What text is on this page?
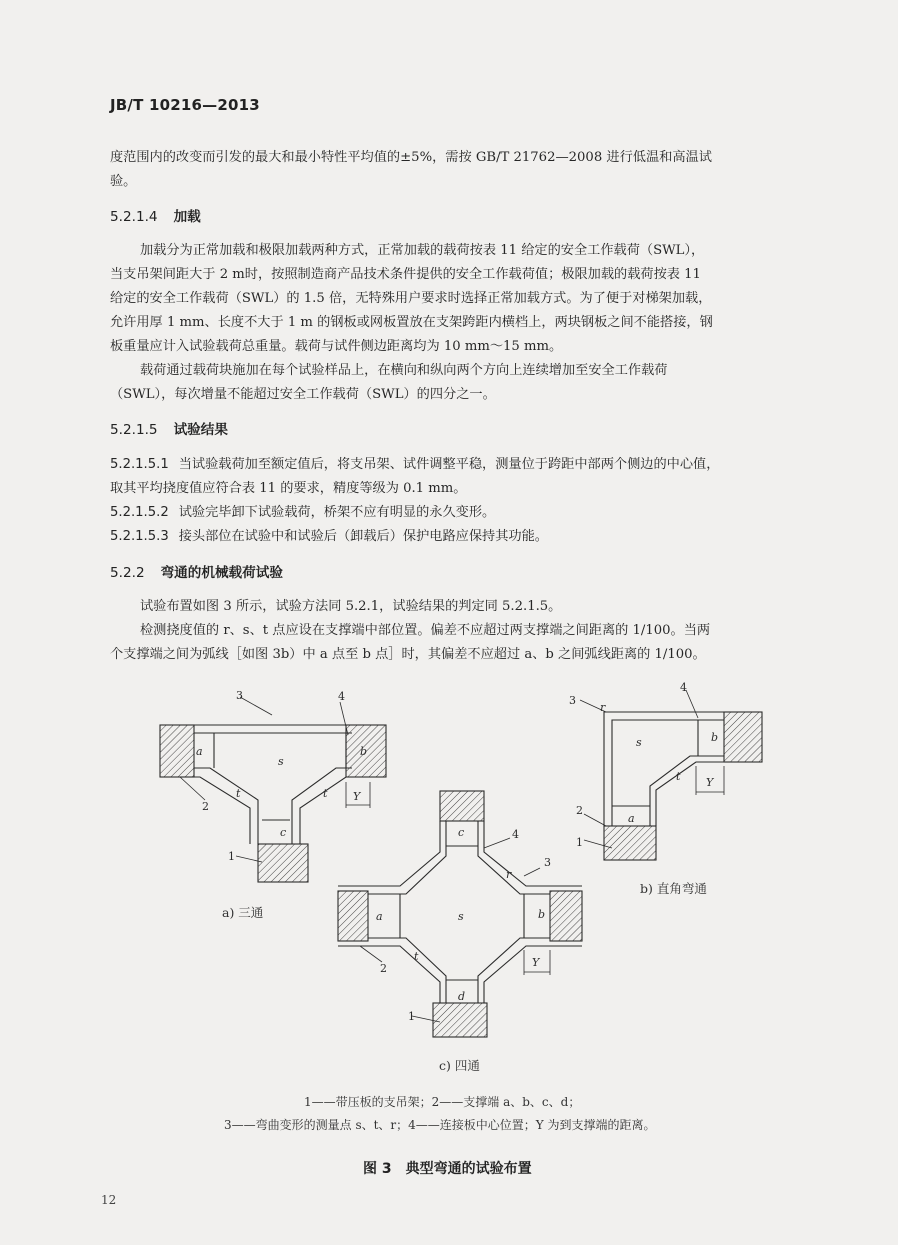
JB/T 10216—2013
度范围内的改变而引发的最大和最小特性平均值的±5%，需按 GB/T 21762—2008 进行低温和高温试
验。
5.2.1.4 加载
加载分为正常加载和极限加载两种方式，正常加载的载荷按表 11 给定的安全工作载荷（SWL），
当支吊架间距大于 2 m时，按照制造商产品技术条件提供的安全工作载荷值；极限加载的载荷按表 11
给定的安全工作载荷（SWL）的 1.5 倍，无特殊用户要求时选择正常加载方式。为了便于对梯架加载，
允许用厚 1 mm、长度不大于 1 m 的钢板或网板置放在支架跨距内横档上，两块钢板之间不能搭接，钢
板重量应计入试验载荷总重量。载荷与试件侧边距离均为 10 mm～15 mm。
载荷通过载荷块施加在每个试验样品上，在横向和纵向两个方向上连续增加至安全工作载荷
（SWL），每次增量不能超过安全工作载荷（SWL）的四分之一。
5.2.1.5 试验结果
5.2.1.5.1 当试验载荷加至额定值后，将支吊架、试件调整平稳，测量位于跨距中部两个侧边的中心值，
取其平均挠度值应符合表 11 的要求，精度等级为 0.1 mm。
5.2.1.5.2 试验完毕卸下试验载荷，桥架不应有明显的永久变形。
5.2.1.5.3 接头部位在试验中和试验后（卸载后）保护电路应保持其功能。
5.2.2 弯通的机械载荷试验
试验布置如图 3 所示，试验方法同 5.2.1，试验结果的判定同 5.2.1.5。
检测挠度值的 r、s、t 点应设在支撑端中部位置。偏差不应超过两支撑端之间距离的 1/100。当两
个支撑端之间为弧线［如图 3b）中 a 点至 b 点］时，其偏差不应超过 a、b 之间弧线距离的 1/100。
3	4
a	b
s
t	t Y
2
c
1
3
r
4
b
s
t Y
2
a
1
c	4
3
r
a	s	b
t	Y
2
d
1
a) 三通
b) 直角弯通
c) 四通
1——带压板的支吊架；2——支撑端 a、b、c、d；
3——弯曲变形的测量点 s、t、r；4——连接板中心位置；Y 为到支撑端的距离。
图 3　典型弯通的试验布置
12
